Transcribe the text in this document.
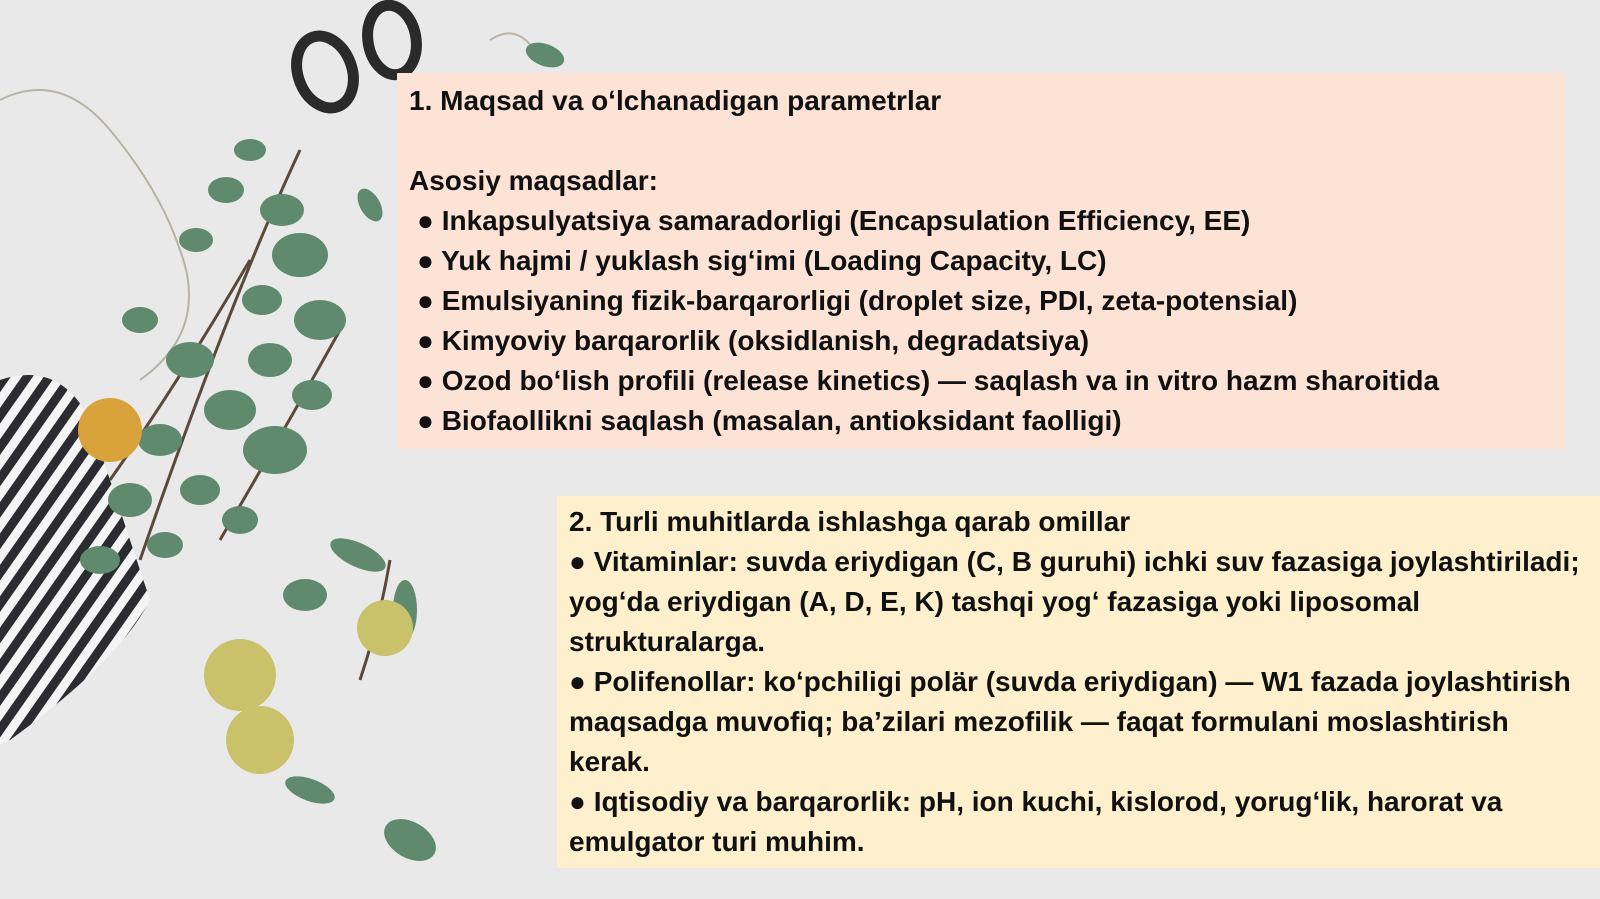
1. Maqsad va oʻlchanadigan parametrlar
Asosiy maqsadlar:
● Inkapsulyatsiya samaradorligi (Encapsulation Efficiency, EE)
● Yuk hajmi / yuklash sigʻimi (Loading Capacity, LC)
● Emulsiyaning fizik-barqarorligi (droplet size, PDI, zeta-potensial)
● Kimyoviy barqarorlik (oksidlanish, degradatsiya)
● Ozod boʻlish profili (release kinetics) — saqlash va in vitro hazm sharoitida
● Biofaollikni saqlash (masalan, antioksidant faolligi)
2. Turli muhitlarda ishlashga qarab omillar
● Vitaminlar: suvda eriydigan (C, B guruhi) ichki suv fazasiga joylashtiriladi; yogʻda eriydigan (A, D, E, K) tashqi yogʻ fazasiga yoki liposomal strukturalarga.
● Polifenollar: koʻpchiligi polär (suvda eriydigan) — W1 fazada joylashtirish maqsadga muvofiq; ba’zilari mezofilik — faqat formulani moslashtirish kerak.
● Iqtisodiy va barqarorlik: pH, ion kuchi, kislorod, yorugʻlik, harorat va emulgator turi muhim.
